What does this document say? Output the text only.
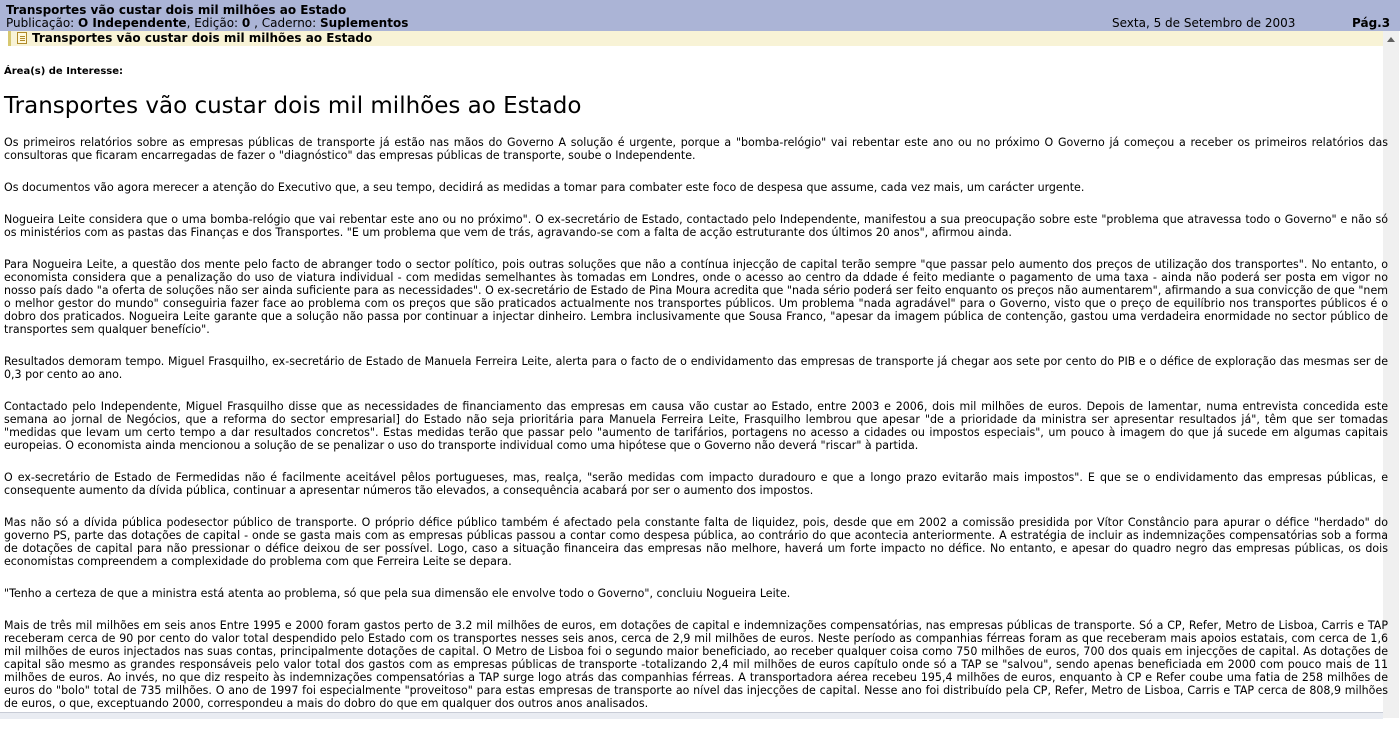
Transportes vão custar dois mil milhões ao Estado
Publicação: O Independente, Edição: 0 , Caderno: Suplementos	Sexta, 5 de Setembro de 2003	Pág.3
Transportes vão custar dois mil milhões ao Estado
Área(s) de Interesse:
Transportes vão custar dois mil milhões ao Estado

Os primeiros relatórios sobre as empresas públicas de transporte já estão nas mãos do Governo A solução é urgente, porque a "bomba-relógio" vai rebentar este ano ou no próximo O Governo já começou a receber os primeiros relatórios das consultoras que ficaram encarregadas de fazer o "diagnóstico" das empresas públicas de transporte, soube o Independente.

Os documentos vão agora merecer a atenção do Executivo que, a seu tempo, decidirá as medidas a tomar para combater este foco de despesa que assume, cada vez mais, um carácter urgente.

Nogueira Leite considera que o uma bomba-relógio que vai rebentar este ano ou no próximo". O ex-secretário de Estado, contactado pelo Independente, manifestou a sua preocupação sobre este "problema que atravessa todo o Governo" e não só os ministérios com as pastas das Finanças e dos Transportes. "E um problema que vem de trás, agravando-se com a falta de acção estruturante dos últimos 20 anos", afirmou ainda.

Para Nogueira Leite, a questão dos mente pelo facto de abranger todo o sector político, pois outras soluções que não a contínua injecção de capital terão sempre "que passar pelo aumento dos preços de utilização dos transportes". No entanto, o economista considera que a penalização do uso de viatura individual - com medidas semelhantes às tomadas em Londres, onde o acesso ao centro da ddade é feito mediante o pagamento de uma taxa - ainda não poderá ser posta em vigor no nosso país dado "a oferta de soluções não ser ainda suficiente para as necessidades". O ex-secretário de Estado de Pina Moura acredita que "nada sério poderá ser feito enquanto os preços não aumentarem", afirmando a sua convicção de que "nem o melhor gestor do mundo" conseguiria fazer face ao problema com os preços que são praticados actualmente nos transportes públicos. Um problema "nada agradável" para o Governo, visto que o preço de equilíbrio nos transportes públicos é o dobro dos praticados. Nogueira Leite garante que a solução não passa por continuar a injectar dinheiro. Lembra inclusivamente que Sousa Franco, "apesar da imagem pública de contenção, gastou uma verdadeira enormidade no sector público de transportes sem qualquer benefício".

Resultados demoram tempo. Miguel Frasquilho, ex-secretário de Estado de Manuela Ferreira Leite, alerta para o facto de o endividamento das empresas de transporte já chegar aos sete por cento do PIB e o défice de exploração das mesmas ser de 0,3 por cento ao ano.

Contactado pelo Independente, Miguel Frasquilho disse que as necessidades de financiamento das empresas em causa vão custar ao Estado, entre 2003 e 2006, dois mil milhões de euros. Depois de lamentar, numa entrevista concedida este semana ao jornal de Negócios, que a reforma do sector empresarial] do Estado não seja prioritária para Manuela Ferreira Leite, Frasquilho lembrou que apesar "de a prioridade da ministra ser apresentar resultados já", têm que ser tomadas "medidas que levam um certo tempo a dar resultados concretos". Estas medidas terão que passar pelo "aumento de tarifários, portagens no acesso a cidades ou impostos especiais", um pouco à imagem do que já sucede em algumas capitais europeias. O economista ainda mencionou a solução de se penalizar o uso do transporte individual como uma hipótese que o Governo não deverá "riscar" à partida.

O ex-secretário de Estado de Fermedidas não é facilmente aceitável pêlos portugueses, mas, realça, "serão medidas com impacto duradouro e que a longo prazo evitarão mais impostos". E que se o endividamento das empresas públicas, e consequente aumento da dívida pública, continuar a apresentar números tão elevados, a consequência acabará por ser o aumento dos impostos.

Mas não só a dívida pública podesector público de transporte. O próprio défice público também é afectado pela constante falta de liquidez, pois, desde que em 2002 a comissão presidida por Vítor Constâncio para apurar o défice "herdado" do governo PS, parte das dotações de capital - onde se gasta mais com as empresas públicas passou a contar como despesa pública, ao contrário do que acontecia anteriormente. A estratégia de incluir as indemnizações compensatórias sob a forma de dotações de capital para não pressionar o défice deixou de ser possível. Logo, caso a situação financeira das empresas não melhore, haverá um forte impacto no défice. No entanto, e apesar do quadro negro das empresas públicas, os dois economistas compreendem a complexidade do problema com que Ferreira Leite se depara.

"Tenho a certeza de que a ministra está atenta ao problema, só que pela sua dimensão ele envolve todo o Governo", concluiu Nogueira Leite.

Mais de três mil milhões em seis anos Entre 1995 e 2000 foram gastos perto de 3.2 mil milhões de euros, em dotações de capital e indemnizações compensatórias, nas empresas públicas de transporte. Só a CP, Refer, Metro de Lisboa, Carris e TAP receberam cerca de 90 por cento do valor total despendido pelo Estado com os transportes nesses seis anos, cerca de 2,9 mil milhões de euros. Neste período as companhias férreas foram as que receberam mais apoios estatais, com cerca de 1,6 mil milhões de euros injectados nas suas contas, principalmente dotações de capital. O Metro de Lisboa foi o segundo maior beneficiado, ao receber qualquer coisa como 750 milhões de euros, 700 dos quais em injecções de capital. As dotações de capital são mesmo as grandes responsáveis pelo valor total dos gastos com as empresas públicas de transporte -totalizando 2,4 mil milhões de euros capítulo onde só a TAP se "salvou", sendo apenas beneficiada em 2000 com pouco mais de 11 milhões de euros. Ao invés, no que diz respeito às indemnizações compensatórias a TAP surge logo atrás das companhias férreas. A transportadora aérea recebeu 195,4 milhões de euros, enquanto à CP e Refer coube uma fatia de 258 milhões de euros do "bolo" total de 735 milhões. O ano de 1997 foi especialmente "proveitoso" para estas empresas de transporte ao nível das injecções de capital. Nesse ano foi distribuído pela CP, Refer, Metro de Lisboa, Carris e TAP cerca de 808,9 milhões de euros, o que, exceptuando 2000, correspondeu a mais do dobro do que em qualquer dos outros anos analisados.
